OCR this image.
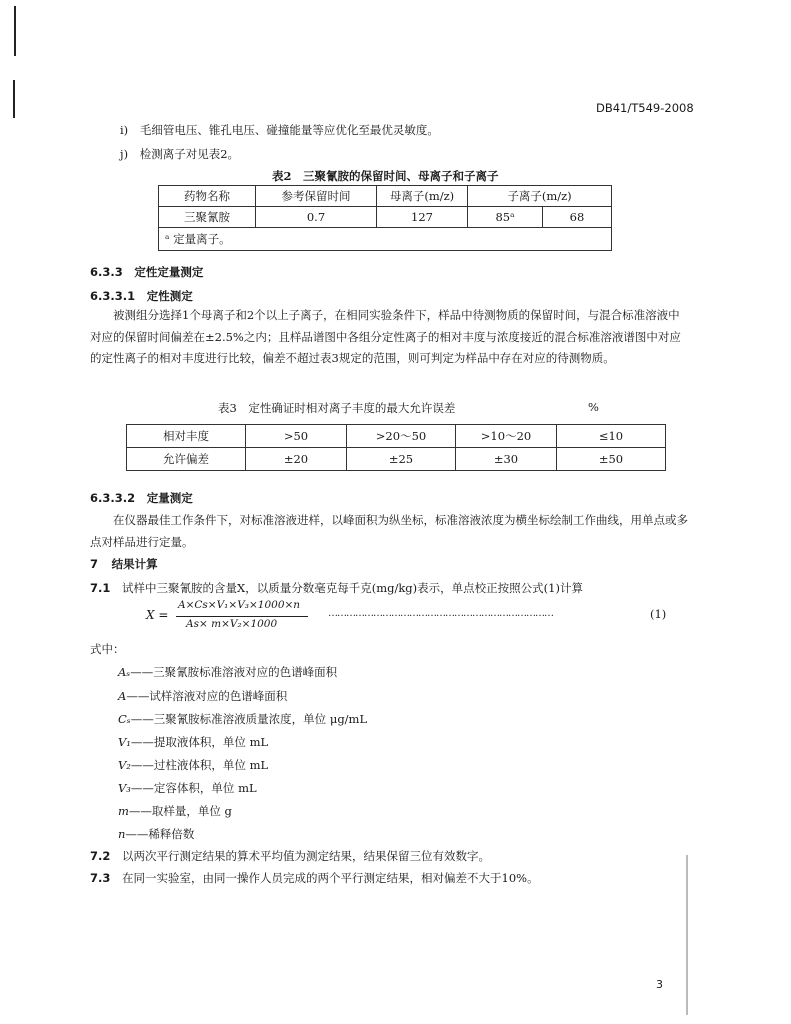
DB41/T549-2008
i) 毛细管电压、锥孔电压、碰撞能量等应优化至最优灵敏度。
j) 检测离子对见表2。
表2　三聚氰胺的保留时间、母离子和子离子
药物名称	参考保留时间	母离子(m/z)	子离子(m/z)	
三聚氰胺	0.7	127	85ᵃ	68
ᵃ 定量离子。				
6.3.3 定性定量测定
6.3.3.1 定性测定
被测组分选择1个母离子和2个以上子离子，在相同实验条件下，样品中待测物质的保留时间，与混合标准溶液中对应的保留时间偏差在±2.5%之内；且样品谱图中各组分定性离子的相对丰度与浓度接近的混合标准溶液谱图中对应的定性离子的相对丰度进行比较，偏差不超过表3规定的范围，则可判定为样品中存在对应的待测物质。
表3　定性确证时相对离子丰度的最大允许误差	%
相对丰度	>50	>20～50	>10～20	≤10
允许偏差	±20	±25	±30	±50
6.3.3.2 定量测定
在仪器最佳工作条件下，对标准溶液进样，以峰面积为纵坐标，标准溶液浓度为横坐标绘制工作曲线，用单点或多点对样品进行定量。
7 结果计算
7.1 试样中三聚氰胺的含量X，以质量分数毫克每千克(mg/kg)表示，单点校正按照公式(1)计算
X =
A×Cs×V₁×V₃×1000×n
As× m×V₂×1000
…………………………………………………………………	(1)
式中：
Aₛ——三聚氰胺标准溶液对应的色谱峰面积
A——试样溶液对应的色谱峰面积
Cₛ——三聚氰胺标准溶液质量浓度，单位 μg/mL
V₁——提取液体积，单位 mL
V₂——过柱液体积，单位 mL
V₃——定容体积，单位 mL
m——取样量，单位 g
n——稀释倍数
7.2 以两次平行测定结果的算术平均值为测定结果，结果保留三位有效数字。
7.3 在同一实验室，由同一操作人员完成的两个平行测定结果，相对偏差不大于10%。
3
